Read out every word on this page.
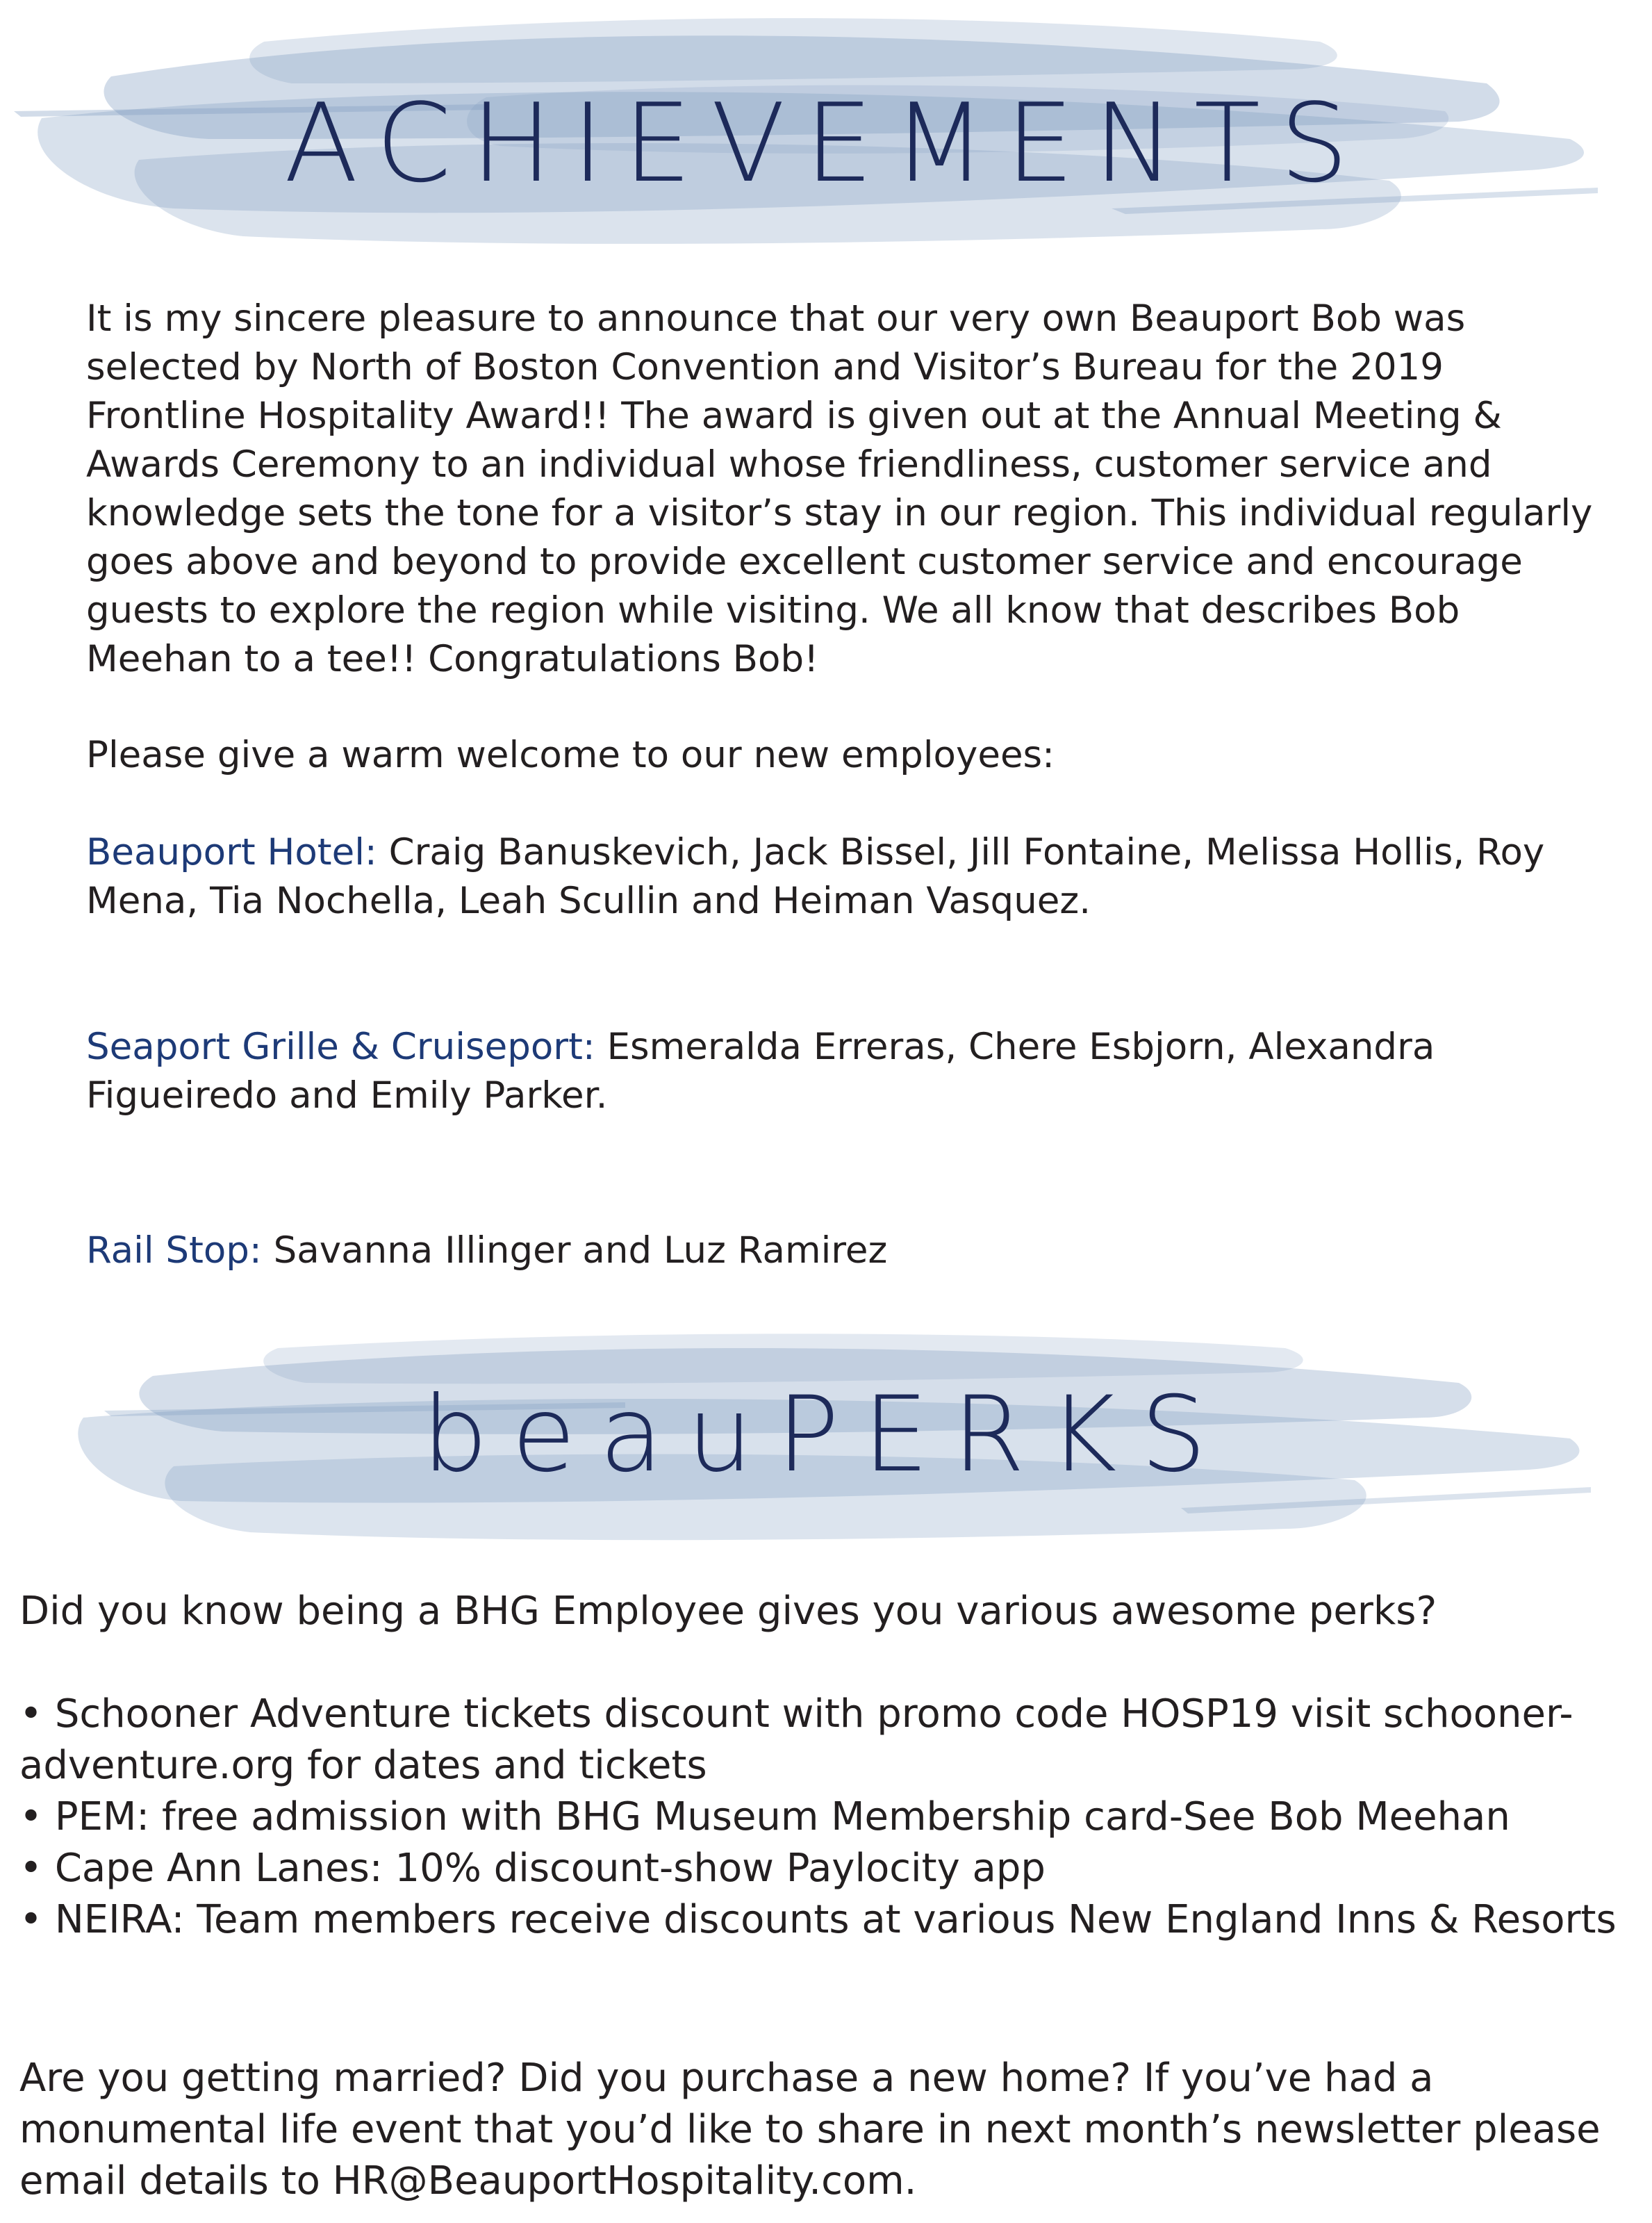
ACHIEVEMENTS

It is my sincere pleasure to announce that our very own Beauport Bob was selected by North of Boston Convention and Visitor’s Bureau for the 2019 Frontline Hospitality Award!! The award is given out at the Annual Meeting & Awards Ceremony to an individual whose friendliness, customer service and knowledge sets the tone for a visitor’s stay in our region. This individual regularly goes above and beyond to provide excellent customer service and encourage guests to explore the region while visiting. We all know that describes Bob Meehan to a tee!! Congratulations Bob!

Please give a warm welcome to our new employees:

Beauport Hotel: Craig Banuskevich, Jack Bissel, Jill Fontaine, Melissa Hollis, Roy Mena, Tia Nochella, Leah Scullin and Heiman Vasquez.

Seaport Grille & Cruiseport: Esmeralda Erreras, Chere Esbjorn, Alexandra Figueiredo and Emily Parker.

Rail Stop: Savanna Illinger and Luz Ramirez

beauPERKS

Did you know being a BHG Employee gives you various awesome perks?

• Schooner Adventure tickets discount with promo code HOSP19 visit schooner-adventure.org for dates and tickets
• PEM: free admission with BHG Museum Membership card-See Bob Meehan
• Cape Ann Lanes: 10% discount-show Paylocity app
• NEIRA: Team members receive discounts at various New England Inns & Resorts

Are you getting married? Did you purchase a new home? If you’ve had a monumental life event that you’d like to share in next month’s newsletter please email details to HR@BeauportHospitality.com.
